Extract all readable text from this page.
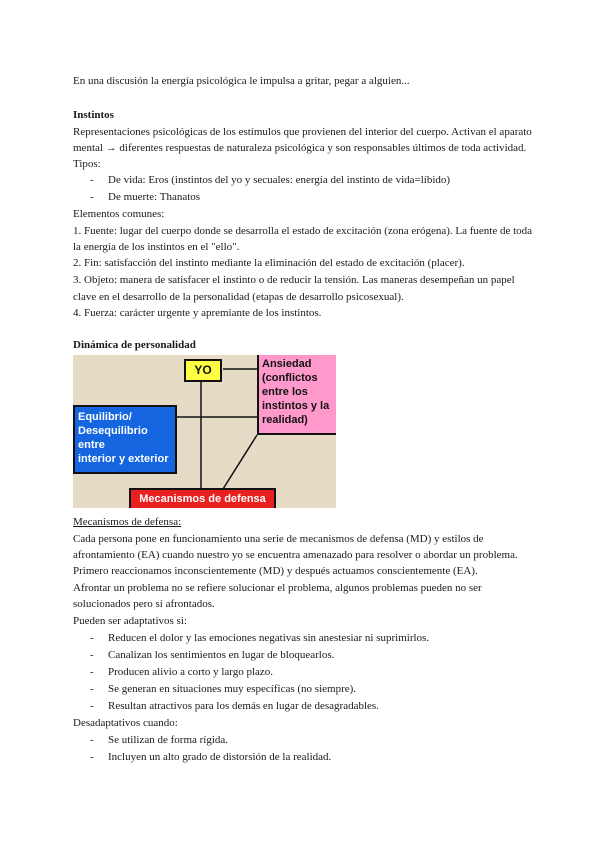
En una discusión la energía psicológica le impulsa a gritar, pegar a alguien...

Instintos

Representaciones psicológicas de los estímulos que provienen del interior del cuerpo. Activan el aparato

mental → diferentes respuestas de naturaleza psicológica y son responsables últimos de toda actividad.

Tipos:

- De vida: Eros (instintos del yo y secuales: energía del instinto de vida=líbido)

- De muerte: Thanatos

Elementos comunes:

1. Fuente: lugar del cuerpo donde se desarrolla el estado de excitación (zona erógena). La fuente de toda

la energía de los instintos en el "ello".

2. Fin: satisfacción del instinto mediante la eliminación del estado de excitación (placer).

3. Objeto: manera de satisfacer el instinto o de reducir la tensión. Las maneras desempeñan un papel

clave en el desarrollo de la personalidad (etapas de desarrollo psicosexual).

4. Fuerza: carácter urgente y apremiante de los instintos.

Dinámica de personalidad

YO
Equilibrio/
Desequilibrio
entre
interior y exterior
Ansiedad
(conflictos
entre los
instintos y la
realidad)
Mecanismos de defensa

Mecanismos de defensa:

Cada persona pone en funcionamiento una serie de mecanismos de defensa (MD) y estilos de

afrontamiento (EA) cuando nuestro yo se encuentra amenazado para resolver o abordar un problema.

Primero reaccionamos inconscientemente (MD) y después actuamos conscientemente (EA).

Afrontar un problema no se refiere solucionar el problema, algunos problemas pueden no ser

solucionados pero sí afrontados.

Pueden ser adaptativos si:

- Reducen el dolor y las emociones negativas sin anestesiar ni suprimirlos.

- Canalizan los sentimientos en lugar de bloquearlos.

- Producen alivio a corto y largo plazo.

- Se generan en situaciones muy específicas (no siempre).

- Resultan atractivos para los demás en lugar de desagradables.

Desadaptativos cuando:

- Se utilizan de forma rígida.

- Incluyen un alto grado de distorsión de la realidad.
